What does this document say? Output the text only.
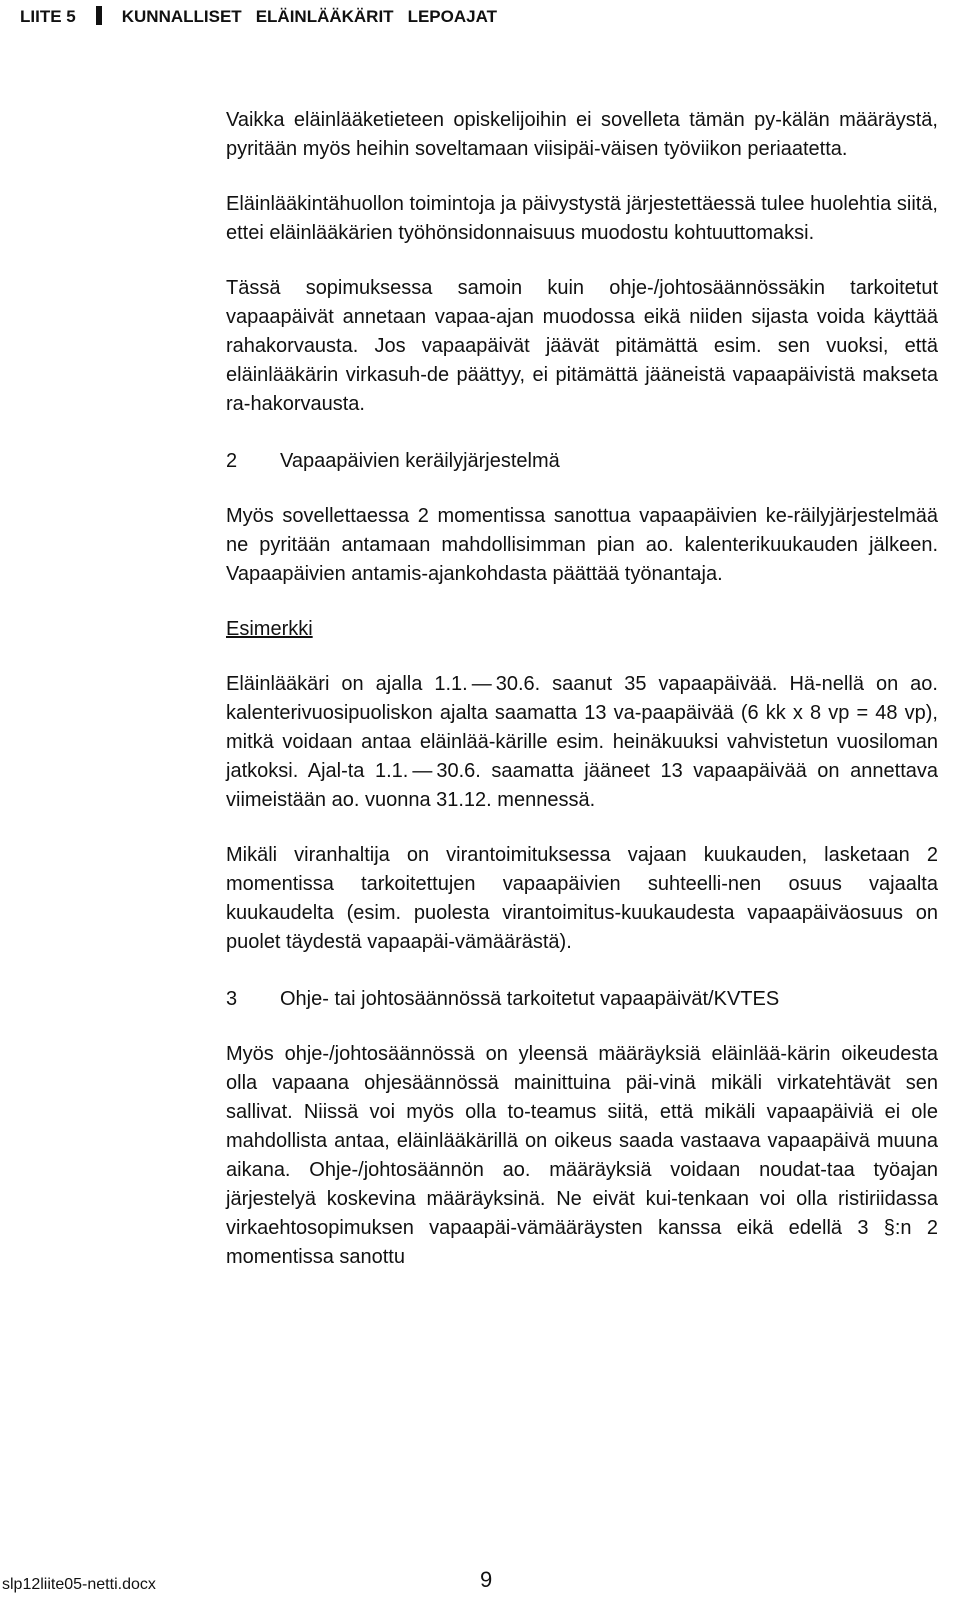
LIITE 5	KUNNALLISET ELÄINLÄÄKÄRIT LEPOAJAT

Vaikka eläinlääketieteen opiskelijoihin ei sovelleta tämän py-kälän määräystä, pyritään myös heihin soveltamaan viisipäi-väisen työviikon periaatetta.

Eläinlääkintähuollon toimintoja ja päivystystä järjestettäessä tulee huolehtia siitä, ettei eläinlääkärien työhönsidonnaisuus muodostu kohtuuttomaksi.

Tässä sopimuksessa samoin kuin ohje-/johtosäännössäkin tarkoitetut vapaapäivät annetaan vapaa-ajan muodossa eikä niiden sijasta voida käyttää rahakorvausta. Jos vapaapäivät jäävät pitämättä esim. sen vuoksi, että eläinlääkärin virkasuh-de päättyy, ei pitämättä jääneistä vapaapäivistä makseta ra-hakorvausta.

2 Vapaapäivien keräilyjärjestelmä

Myös sovellettaessa 2 momentissa sanottua vapaapäivien ke-räilyjärjestelmää ne pyritään antamaan mahdollisimman pian ao. kalenterikuukauden jälkeen. Vapaapäivien antamis-ajankohdasta päättää työnantaja.

Esimerkki

Eläinlääkäri on ajalla 1.1. — 30.6. saanut 35 vapaapäivää. Hä-nellä on ao. kalenterivuosipuoliskon ajalta saamatta 13 va-paapäivää (6 kk x 8 vp = 48 vp), mitkä voidaan antaa eläinlää-kärille esim. heinäkuuksi vahvistetun vuosiloman jatkoksi. Ajal-ta 1.1. — 30.6. saamatta jääneet 13 vapaapäivää on annettava viimeistään ao. vuonna 31.12. mennessä.

Mikäli viranhaltija on virantoimituksessa vajaan kuukauden, lasketaan 2 momentissa tarkoitettujen vapaapäivien suhteelli-nen osuus vajaalta kuukaudelta (esim. puolesta virantoimitus-kuukaudesta vapaapäiväosuus on puolet täydestä vapaapäi-vämäärästä).

3 Ohje- tai johtosäännössä tarkoitetut vapaapäivät/KVTES

Myös ohje-/johtosäännössä on yleensä määräyksiä eläinlää-kärin oikeudesta olla vapaana ohjesäännössä mainittuina päi-vinä mikäli virkatehtävät sen sallivat. Niissä voi myös olla to-teamus siitä, että mikäli vapaapäiviä ei ole mahdollista antaa, eläinlääkärillä on oikeus saada vastaava vapaapäivä muuna aikana. Ohje-/johtosäännön ao. määräyksiä voidaan noudat-taa työajan järjestelyä koskevina määräyksinä. Ne eivät kui-tenkaan voi olla ristiriidassa virkaehtosopimuksen vapaapäi-vämääräysten kanssa eikä edellä 3 §:n 2 momentissa sanottu

slp12liite05-netti.docx	9
